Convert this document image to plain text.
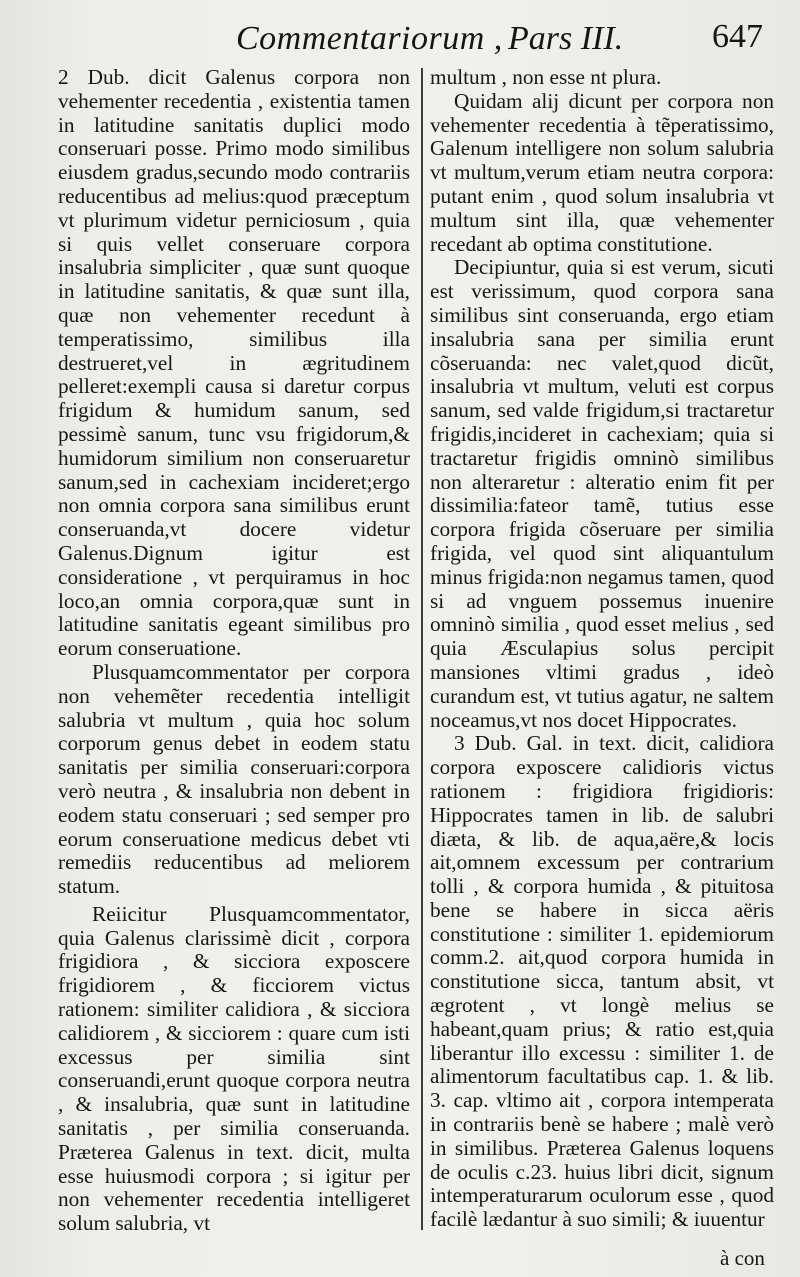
Commentariorum , Pars III.	647

2 Dub. dicit Galenus corpora non vehementer recedentia , existentia tamen in latitudine sanitatis duplici modo conseruari posse. Primo modo similibus eiusdem gradus,secundo modo contrariis reducentibus ad melius:quod præceptum vt plurimum videtur perniciosum , quia si quis vellet conseruare corpora insalubria simpliciter , quæ sunt quoque in latitudine sanitatis, & quæ sunt illa, quæ non vehementer recedunt à temperatissimo, similibus illa destrueret,vel in ægritudinem pelleret:exempli causa si daretur corpus frigidum & humidum sanum, sed pessimè sanum, tunc vsu frigidorum,& humidorum similium non conseruaretur sanum,sed in cachexiam incideret;ergo non omnia corpora sana similibus erunt conseruanda,vt docere videtur Galenus.Dignum igitur est consideratione , vt perquiramus in hoc loco,an omnia corpora,quæ sunt in latitudine sanitatis egeant similibus pro eorum conseruatione.

Plusquamcommentator per corpora non vehemẽter recedentia intelligit salubria vt multum , quia hoc solum corporum genus debet in eodem statu sanitatis per similia conseruari:corpora verò neutra , & insalubria non debent in eodem statu conseruari ; sed semper pro eorum conseruatione medicus debet vti remediis reducentibus ad meliorem statum.

Reiicitur Plusquamcommentator, quia Galenus clarissimè dicit , corpora frigidiora , & sicciora exposcere frigidiorem , & ficciorem victus rationem: similiter calidiora , & sicciora calidiorem , & sicciorem : quare cum isti excessus per similia sint conseruandi,erunt quoque corpora neutra , & insalubria, quæ sunt in latitudine sanitatis , per similia conseruanda. Præterea Galenus in text. dicit, multa esse huiusmodi corpora ; si igitur per non vehementer recedentia intelligeret solum salubria, vt

multum , non esse nt plura.

Quidam alij dicunt per corpora non vehementer recedentia à tẽperatissimo, Galenum intelligere non solum salubria vt multum,verum etiam neutra corpora: putant enim , quod solum insalubria vt multum sint illa, quæ vehementer recedant ab optima constitutione.

Decipiuntur, quia si est verum, sicuti est verissimum, quod corpora sana similibus sint conseruanda, ergo etiam insalubria sana per similia erunt cõseruanda: nec valet,quod dicũt, insalubria vt multum, veluti est corpus sanum, sed valde frigidum,si tractaretur frigidis,incideret in cachexiam; quia si tractaretur frigidis omninò similibus non alteraretur : alteratio enim fit per dissimilia:fateor tamẽ, tutius esse corpora frigida cõseruare per similia frigida, vel quod sint aliquantulum minus frigida:non negamus tamen, quod si ad vnguem possemus inuenire omninò similia , quod esset melius , sed quia Æsculapius solus percipit mansiones vltimi gradus , ideò curandum est, vt tutius agatur, ne saltem noceamus,vt nos docet Hippocrates.

3 Dub. Gal. in text. dicit, calidiora corpora exposcere calidioris victus rationem : frigidiora frigidioris: Hippocrates tamen in lib. de salubri diæta, & lib. de aqua,aëre,& locis ait,omnem excessum per contrarium tolli , & corpora humida , & pituitosa bene se habere in sicca aëris constitutione : similiter 1. epidemiorum comm.2. ait,quod corpora humida in constitutione sicca, tantum absit, vt ægrotent , vt longè melius se habeant,quam prius; & ratio est,quia liberantur illo excessu : similiter 1. de alimentorum facultatibus cap. 1. & lib. 3. cap. vltimo ait , corpora intemperata in contrariis benè se habere ; malè verò in similibus. Præterea Galenus loquens de oculis c.23. huius libri dicit, signum intemperaturarum oculorum esse , quod facilè lædantur à suo simili; & iuuentur

à con
